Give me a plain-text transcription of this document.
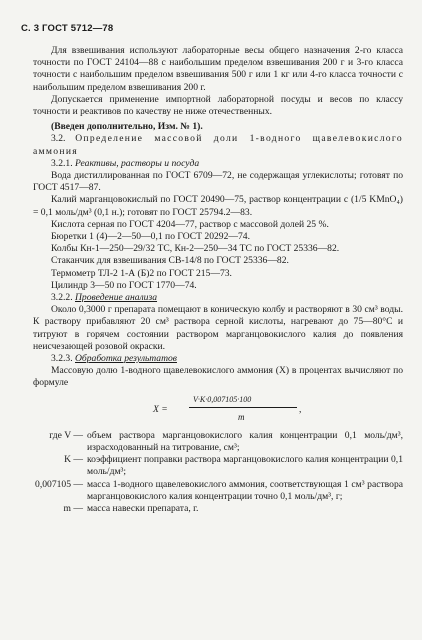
С. 3 ГОСТ 5712—78

Для взвешивания используют лабораторные весы общего назначения 2-го класса точности по ГОСТ 24104—88 с наибольшим пределом взвешивания 200 г и 3-го класса точности с наибольшим пределом взвешивания 500 г или 1 кг или 4-го класса точности с наибольшим пределом взвешивания 200 г.

Допускается применение импортной лабораторной посуды и весов по классу точности и реактивов по качеству не ниже отечественных.

(Введен дополнительно, Изм. № 1).

3.2. Определение массовой доли 1-водного щавелевокислого аммония

3.2.1. Реактивы, растворы и посуда

Вода дистиллированная по ГОСТ 6709—72, не содержащая углекислоты; готовят по ГОСТ 4517—87.

Калий марганцовокислый по ГОСТ 20490—75, раствор концентрации c (1/5 KMnO₄) = 0,1 моль/дм³ (0,1 н.); готовят по ГОСТ 25794.2—83.

Кислота серная по ГОСТ 4204—77, раствор с массовой долей 25 %.

Бюретки 1 (4)—2—50—0,1 по ГОСТ 20292—74.

Колбы Кн-1—250—29/32 ТС, Кн-2—250—34 ТС по ГОСТ 25336—82.

Стаканчик для взвешивания СВ-14/8 по ГОСТ 25336—82.

Термометр ТЛ-2 1-А (Б)2 по ГОСТ 215—73.

Цилиндр 3—50 по ГОСТ 1770—74.

3.2.2. Проведение анализа

Около 0,3000 г препарата помещают в коническую колбу и растворяют в 30 см³ воды. К раствору прибавляют 20 см³ раствора серной кислоты, нагревают до 75—80°С и титруют в горячем состоянии раствором марганцовокислого калия до появления неисчезающей розовой окраски.

3.2.3. Обработка результатов

Массовую долю 1-водного щавелевокислого аммония (X) в процентах вычисляют по формуле

X =
V·K·0,007105·100
m
,
где V — объем раствора марганцовокислого калия концентрации 0,1 моль/дм³, израсходованный на титрование, см³;
K — коэффициент поправки раствора марганцовокислого калия концентрации 0,1 моль/дм³;
0,007105 — масса 1-водного щавелевокислого аммония, соответствующая 1 см³ раствора марганцовокислого калия концентрации точно 0,1 моль/дм³, г;
m — масса навески препарата, г.
